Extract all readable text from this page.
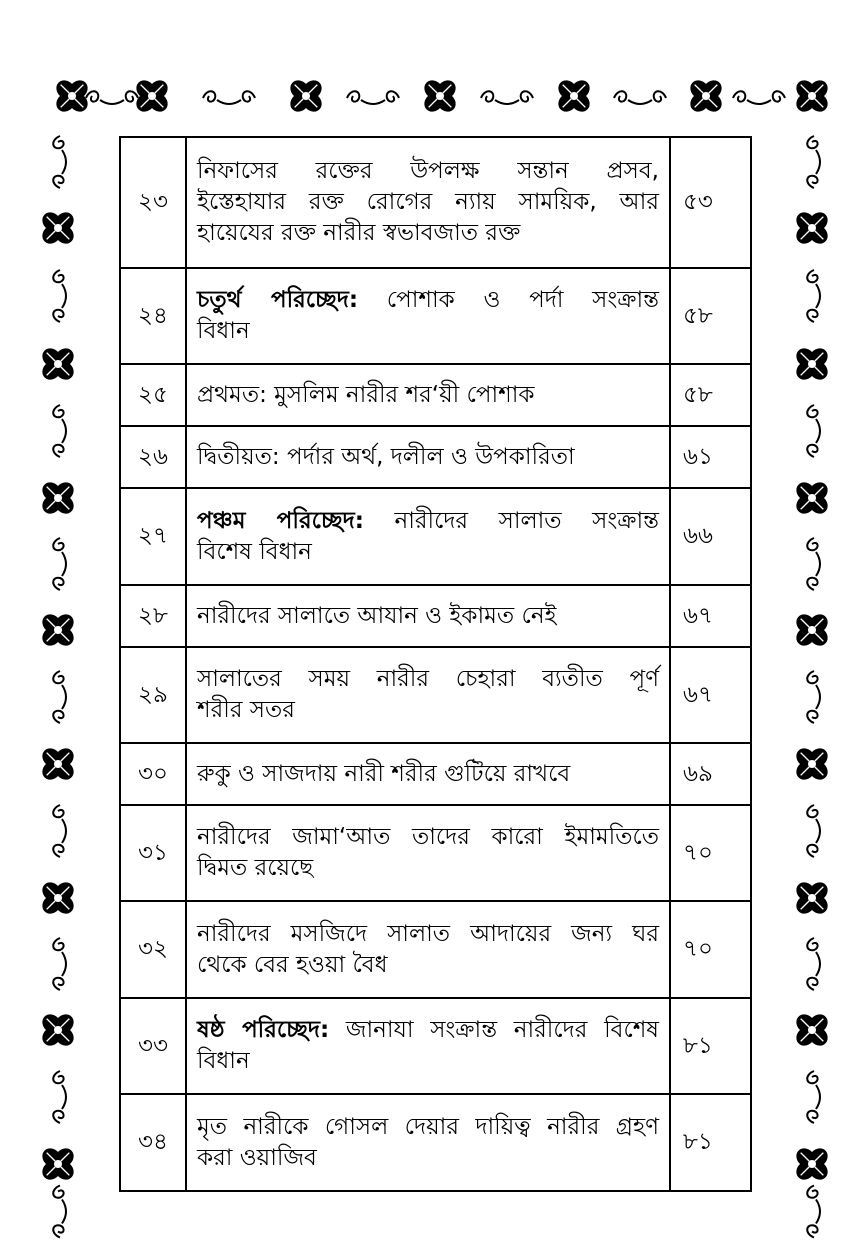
২৩	নিফাসের রক্তের উপলক্ষ সন্তান প্রসব,
ইস্তেহাযার রক্ত রোগের ন্যায় সাময়িক, আর
হায়েযের রক্ত নারীর স্বভাবজাত রক্ত	৫৩
২৪	চতুর্থ পরিচ্ছেদ: পোশাক ও পর্দা সংক্রান্ত
বিধান	৫৮
২৫	প্রথমত: মুসলিম নারীর শর‘য়ী পোশাক	৫৮
২৬	দ্বিতীয়ত: পর্দার অর্থ, দলীল ও উপকারিতা	৬১
২৭	পঞ্চম পরিচ্ছেদ: নারীদের সালাত সংক্রান্ত
বিশেষ বিধান	৬৬
২৮	নারীদের সালাতে আযান ও ইকামত নেই	৬৭
২৯	সালাতের সময় নারীর চেহারা ব্যতীত পূর্ণ
শরীর সতর	৬৭
৩০	রুকু ও সাজদায় নারী শরীর গুটিয়ে রাখবে	৬৯
৩১	নারীদের জামা‘আত তাদের কারো ইমামতিতে
দ্বিমত রয়েছে	৭০
৩২	নারীদের মসজিদে সালাত আদায়ের জন্য ঘর
থেকে বের হওয়া বৈধ	৭০
৩৩	ষষ্ঠ পরিচ্ছেদ: জানাযা সংক্রান্ত নারীদের বিশেষ
বিধান	৮১
৩৪	মৃত নারীকে গোসল দেয়ার দায়িত্ব নারীর গ্রহণ
করা ওয়াজিব	৮১
